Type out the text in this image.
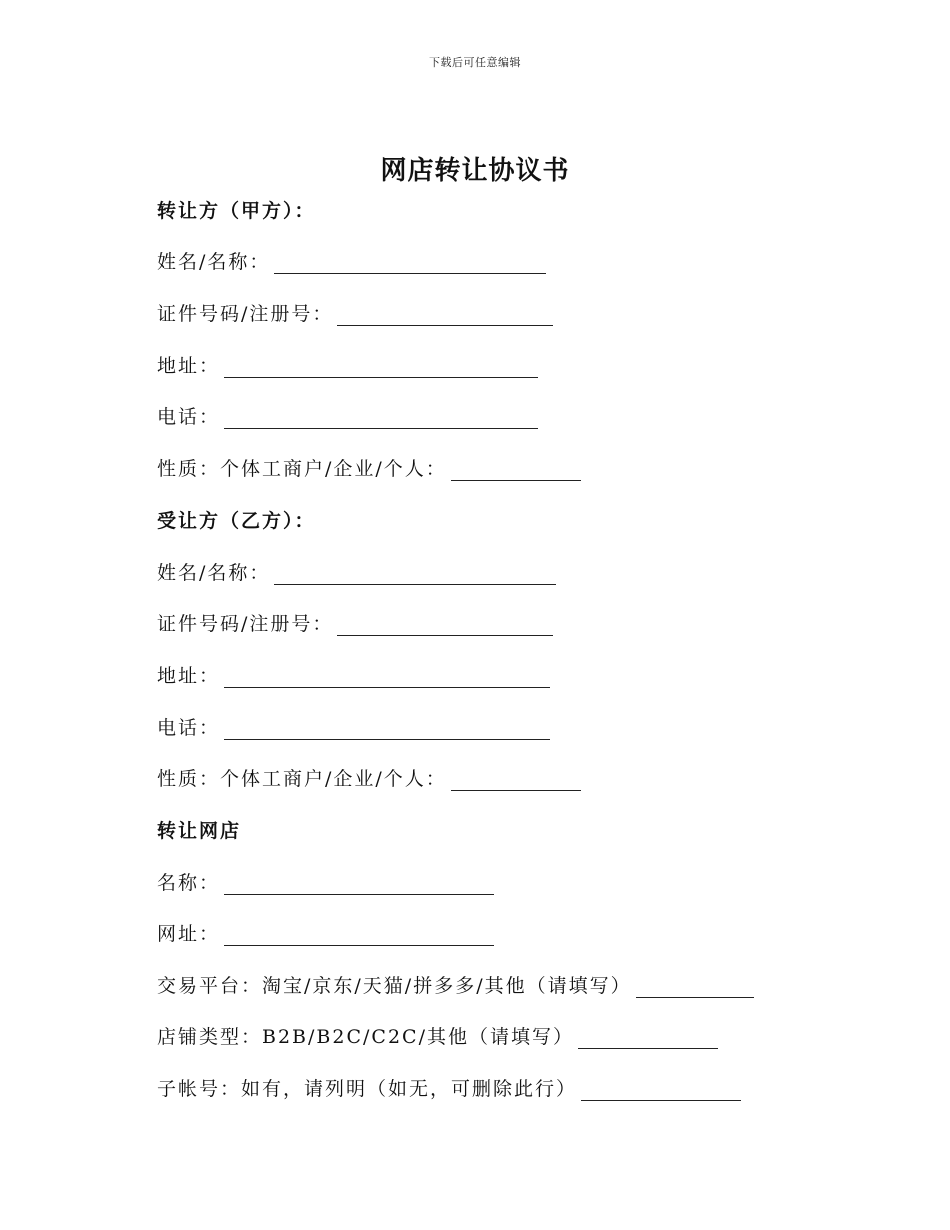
下载后可任意编辑
网店转让协议书
转让方（甲方）：
姓名/名称：
证件号码/注册号：
地址：
电话：
性质：个体工商户/企业/个人：
受让方（乙方）：
姓名/名称：
证件号码/注册号：
地址：
电话：
性质：个体工商户/企业/个人：
转让网店
名称：
网址：
交易平台：淘宝/京东/天猫/拼多多/其他（请填写）
店铺类型：B2B/B2C/C2C/其他（请填写）
子帐号：如有，请列明（如无，可删除此行）
